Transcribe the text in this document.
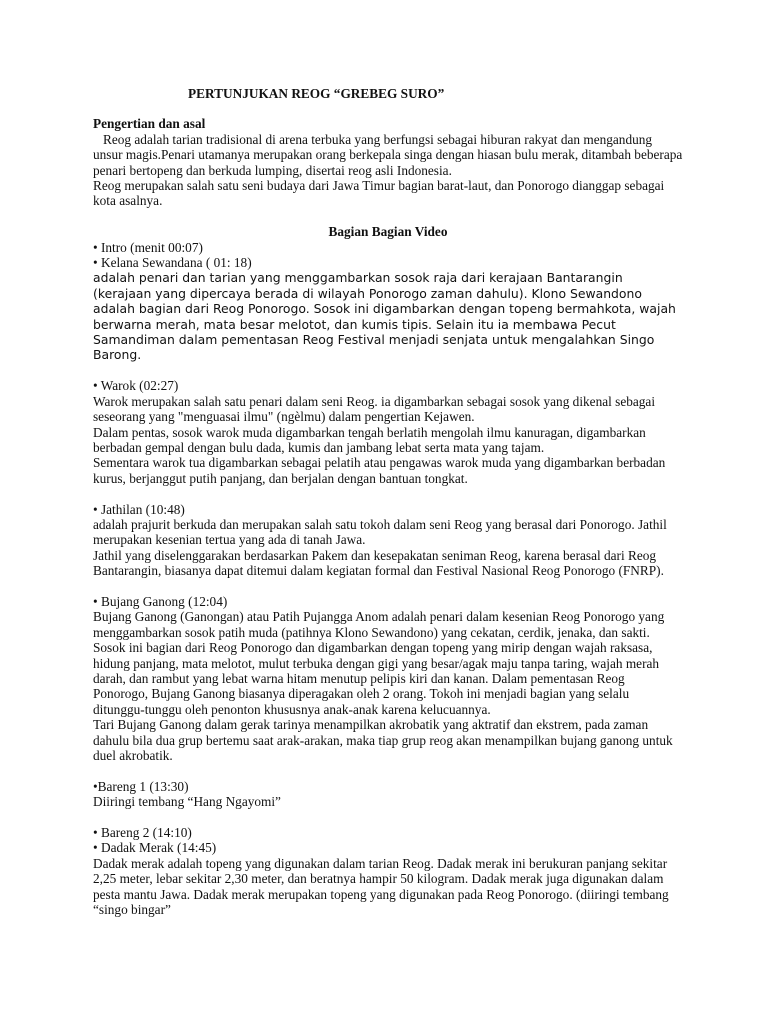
PERTUNJUKAN REOG “GREBEG SURO”

Pengertian dan asal

Reog adalah tarian tradisional di arena terbuka yang berfungsi sebagai hiburan rakyat dan mengandung unsur magis.Penari utamanya merupakan orang berkepala singa dengan hiasan bulu merak, ditambah beberapa penari bertopeng dan berkuda lumping, disertai reog asli Indonesia.

Reog merupakan salah satu seni budaya dari Jawa Timur bagian barat-laut, dan Ponorogo dianggap sebagai kota asalnya.

Bagian Bagian Video

• Intro (menit 00:07)

• Kelana Sewandana ( 01: 18)

adalah penari dan tarian yang menggambarkan sosok raja dari kerajaan Bantarangin (kerajaan yang dipercaya berada di wilayah Ponorogo zaman dahulu). Klono Sewandono adalah bagian dari Reog Ponorogo. Sosok ini digambarkan dengan topeng bermahkota, wajah berwarna merah, mata besar melotot, dan kumis tipis. Selain itu ia membawa Pecut Samandiman dalam pementasan Reog Festival menjadi senjata untuk mengalahkan Singo Barong.

• Warok (02:27)

Warok merupakan salah satu penari dalam seni Reog. ia digambarkan sebagai sosok yang dikenal sebagai seseorang yang "menguasai ilmu" (ngèlmu) dalam pengertian Kejawen.

Dalam pentas, sosok warok muda digambarkan tengah berlatih mengolah ilmu kanuragan, digambarkan berbadan gempal dengan bulu dada, kumis dan jambang lebat serta mata yang tajam.

Sementara warok tua digambarkan sebagai pelatih atau pengawas warok muda yang digambarkan berbadan kurus, berjanggut putih panjang, dan berjalan dengan bantuan tongkat.

• Jathilan (10:48)

adalah prajurit berkuda dan merupakan salah satu tokoh dalam seni Reog yang berasal dari Ponorogo. Jathil merupakan kesenian tertua yang ada di tanah Jawa.

Jathil yang diselenggarakan berdasarkan Pakem dan kesepakatan seniman Reog, karena berasal dari Reog Bantarangin, biasanya dapat ditemui dalam kegiatan formal dan Festival Nasional Reog Ponorogo (FNRP).

• Bujang Ganong (12:04)

Bujang Ganong (Ganongan) atau Patih Pujangga Anom adalah penari dalam kesenian Reog Ponorogo yang menggambarkan sosok patih muda (patihnya Klono Sewandono) yang cekatan, cerdik, jenaka, dan sakti. Sosok ini bagian dari Reog Ponorogo dan digambarkan dengan topeng yang mirip dengan wajah raksasa, hidung panjang, mata melotot, mulut terbuka dengan gigi yang besar/agak maju tanpa taring, wajah merah darah, dan rambut yang lebat warna hitam menutup pelipis kiri dan kanan. Dalam pementasan Reog Ponorogo, Bujang Ganong biasanya diperagakan oleh 2 orang. Tokoh ini menjadi bagian yang selalu ditunggu-tunggu oleh penonton khususnya anak-anak karena kelucuannya.

Tari Bujang Ganong dalam gerak tarinya menampilkan akrobatik yang aktratif dan ekstrem, pada zaman dahulu bila dua grup bertemu saat arak-arakan, maka tiap grup reog akan menampilkan bujang ganong untuk duel akrobatik.

•Bareng 1 (13:30)

Diiringi tembang “Hang Ngayomi”

• Bareng 2 (14:10)

• Dadak Merak (14:45)

Dadak merak adalah topeng yang digunakan dalam tarian Reog. Dadak merak ini berukuran panjang sekitar 2,25 meter, lebar sekitar 2,30 meter, dan beratnya hampir 50 kilogram. Dadak merak juga digunakan dalam pesta mantu Jawa. Dadak merak merupakan topeng yang digunakan pada Reog Ponorogo. (diiringi tembang “singo bingar”
